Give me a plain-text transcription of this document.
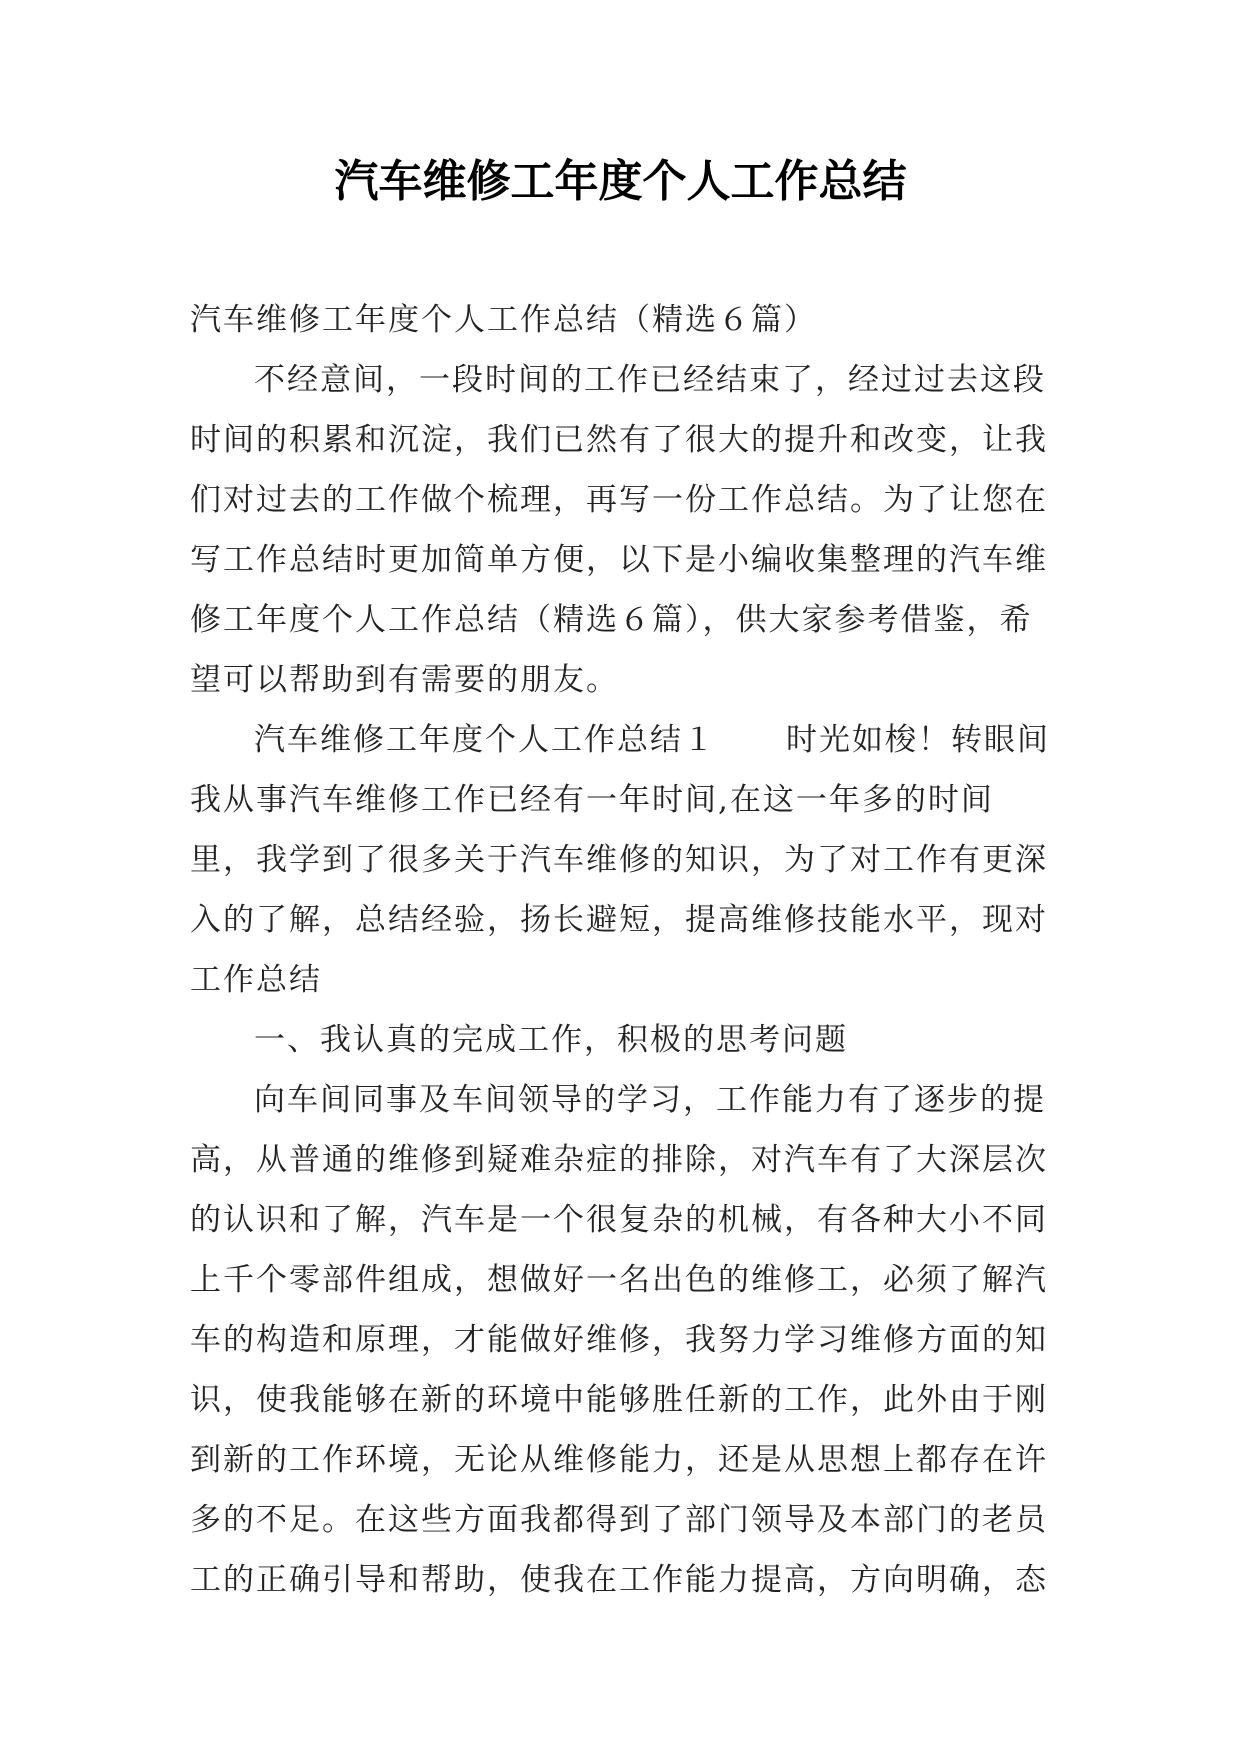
汽车维修工年度个人工作总结

汽车维修工年度个人工作总结（精选６篇）

不经意间，一段时间的工作已经结束了，经过过去这段时间的积累和沉淀，我们已然有了很大的提升和改变，让我们对过去的工作做个梳理，再写一份工作总结。为了让您在写工作总结时更加简单方便，以下是小编收集整理的汽车维修工年度个人工作总结（精选６篇），供大家参考借鉴，希望可以帮助到有需要的朋友。

汽车维修工年度个人工作总结１ 时光如梭！转眼间我从事汽车维修工作已经有一年时间,在这一年多的时间里，我学到了很多关于汽车维修的知识，为了对工作有更深入的了解，总结经验，扬长避短，提高维修技能水平，现对工作总结

一、我认真的完成工作，积极的思考问题

向车间同事及车间领导的学习，工作能力有了逐步的提高，从普通的维修到疑难杂症的排除，对汽车有了大深层次的认识和了解，汽车是一个很复杂的机械，有各种大小不同上千个零部件组成，想做好一名出色的维修工，必须了解汽车的构造和原理，才能做好维修，我努力学习维修方面的知识，使我能够在新的环境中能够胜任新的工作，此外由于刚到新的工作环境，无论从维修能力，还是从思想上都存在许多的不足。在这些方面我都得到了部门领导及本部门的老员工的正确引导和帮助，使我在工作能力提高，方向明确，态
